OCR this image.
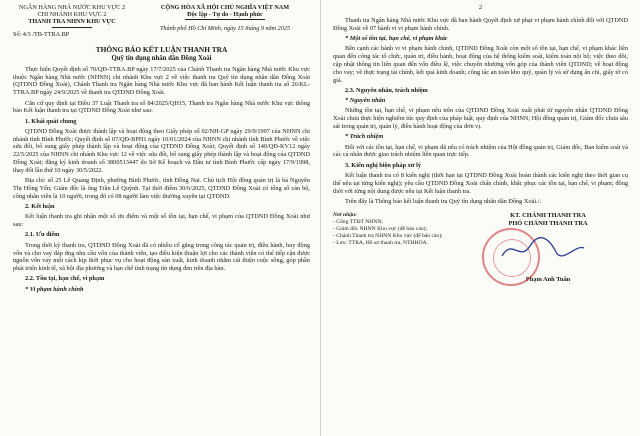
NGÂN HÀNG NHÀ NƯỚC KHU VỰC 2
CHI NHÁNH KHU VỰC 2
THANH TRA NHNN KHU VỰC
Số: 4/3 /TB-TTRA.BP
CỘNG HÒA XÃ HỘI CHỦ NGHĨA VIỆT NAM
Độc lập - Tự do - Hạnh phúc
Thành phố Hồ Chí Minh, ngày 15 tháng 9 năm 2025
THÔNG BÁO KẾT LUẬN THANH TRA
Quỹ tín dụng nhân dân Đồng Xoài

Thực hiện Quyết định số 70/QĐ-TTRA.BP ngày 17/7/2025 của Chánh Thanh tra Ngân hàng Nhà nước Khu vực thuộc Ngân hàng Nhà nước (NHNN) chi nhánh Khu vực 2 về việc thanh tra Quỹ tín dụng nhân dân Đồng Xoài (QTDND Đồng Xoài), Chánh Thanh tra Ngân hàng Nhà nước Khu vực đã ban hành Kết luận thanh tra số 26/KL-TTRA.BP ngày 24/9/2025 về thanh tra QTDND Đồng Xoài.

Căn cứ quy định tại Điều 37 Luật Thanh tra số 84/2025/QH15, Thanh tra Ngân hàng Nhà nước Khu vực thông báo Kết luận thanh tra tại QTDND Đồng Xoài như sau:

1. Khái quát chung

QTDND Đồng Xoài được thành lập và hoạt động theo Giấy phép số 02/NH-GP ngày 29/9/1997 của NHNN chi nhánh tỉnh Bình Phước; Quyết định số 07/QĐ-BPH1 ngày 10/01/2024 của NHNN chi nhánh tỉnh Bình Phước về việc sửa đổi, bổ sung giấy phép thành lập và hoạt động của QTDND Đồng Xoài; Quyết định số 140/QĐ-KV12 ngày 22/5/2025 của NHNN chi nhánh Khu vực 12 về việc sửa đổi, bổ sung giấy phép thành lập và hoạt động của QTDND Đồng Xoài; đăng ký kinh doanh số 3800513447 do Sở Kế hoạch và Đầu tư tỉnh Bình Phước cấp ngày 17/9/1998, thay đổi lần thứ 10 ngày 30/5/2022.

Địa chỉ: số 25 Lê Quang Định, phường Bình Phước, tỉnh Đồng Nai. Chủ tịch Hội đồng quản trị là bà Nguyễn Thị Hồng Yến; Giám đốc là ông Trần Lê Quỳnh. Tại thời điểm 30/6/2025, QTDND Đồng Xoài có tổng số cán bộ, công nhân viên là 10 người, trong đó có 08 người làm việc thường xuyên tại QTDND.

2. Kết luận

Kết luận thanh tra ghi nhận một số ưu điểm và một số tồn tại, hạn chế, vi phạm của QTDND Đồng Xoài như sau:

2.1. Ưu điểm

Trong thời kỳ thanh tra, QTDND Đồng Xoài đã có nhiều cố gắng trong công tác quản trị, điều hành, huy động vốn và cho vay đáp ứng nhu cầu vốn của thành viên, tạo điều kiện thuận lợi cho các thành viên có thể tiếp cận được nguồn vốn vay một cách kịp thời phục vụ cho hoạt động sản xuất, kinh doanh nhằm cải thiện cuộc sống, góp phần phát triển kinh tế, xã hội địa phương và hạn chế tình trạng tín dụng đen trên địa bàn.

2.2. Tồn tại, hạn chế, vi phạm

* Vi phạm hành chính

2

Thanh tra Ngân hàng Nhà nước Khu vực đã ban hành Quyết định xử phạt vi phạm hành chính đối với QTDND Đồng Xoài về 07 hành vi vi phạm hành chính.

* Một số tồn tại, hạn chế, vi phạm khác

Bên cạnh các hành vi vi phạm hành chính, QTDND Đồng Xoài còn một số tồn tại, hạn chế, vi phạm khác liên quan đến công tác tổ chức, quản trị, điều hành, hoạt động của hệ thống kiểm soát, kiểm toán nội bộ; việc theo dõi, cập nhật thông tin liên quan đến vốn điều lệ, việc chuyển nhượng vốn góp của thành viên QTDND; về hoạt động cho vay; về thực trạng tài chính, kết quả kinh doanh; công tác an toàn kho quỹ, quản lý và sử dụng ấn chỉ, giấy tờ có giá.

2.3. Nguyên nhân, trách nhiệm

* Nguyên nhân

Những tồn tại, hạn chế, vi phạm nêu trên của QTDND Đồng Xoài xuất phát từ nguyên nhân QTDND Đồng Xoài chưa thực hiện nghiêm túc quy định của pháp luật, quy định của NHNN; Hội đồng quản trị, Giám đốc chưa sâu sát trong quản trị, quản lý, điều hành hoạt động của đơn vị.

* Trách nhiệm

Đối với các tồn tại, hạn chế, vi phạm đã nêu có trách nhiệm của Hội đồng quản trị, Giám đốc, Ban kiểm soát và các cá nhân được giao trách nhiệm liên quan trực tiếp.

3. Kiến nghị biện pháp xử lý

Kết luận thanh tra có 8 kiến nghị (thời hạn tại QTDND Đồng Xoài hoàn thành các kiến nghị theo thời gian cụ thể nêu tại từng kiến nghị); yêu cầu QTDND Đồng Xoài chấn chỉnh, khắc phục các tồn tại, hạn chế, vi phạm; đồng thời với từng nội dung được nêu tại Kết luận thanh tra.

Trên đây là Thông báo kết luận thanh tra Quỹ tín dụng nhân dân Đồng Xoài./.

Nơi nhận:
- Cổng TTĐT NHNN;
- Giám đốc NHNN Khu vực (để báo cáo);
- Chánh Thanh tra NHNN Khu vực (để báo cáo);
- Lưu: TTRA, Hồ sơ thanh tra, NTHHOA.
KT. CHÁNH THANH TRA
PHÓ CHÁNH THANH TRA
Phạm Anh Tuấn
